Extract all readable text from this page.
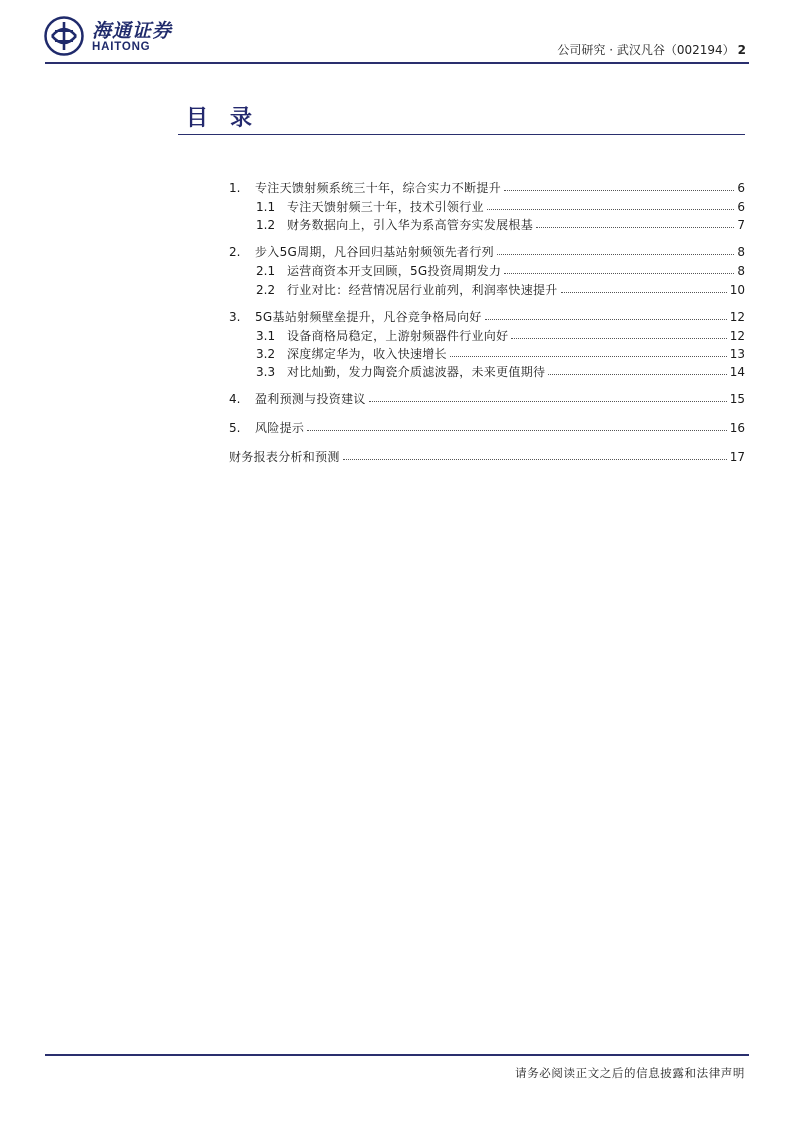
海通证券
HAITONG	公司研究 · 武汉凡谷（002194） 2
目录
1.	专注天馈射频系统三十年，综合实力不断提升	6
1.1 专注天馈射频三十年，技术引领行业	6
1.2 财务数据向上，引入华为系高管夯实发展根基	7
2.	步入5G周期，凡谷回归基站射频领先者行列	8
2.1 运营商资本开支回顾，5G投资周期发力	8
2.2 行业对比：经营情况居行业前列，利润率快速提升	10
3.	5G基站射频壁垒提升，凡谷竞争格局向好	12
3.1 设备商格局稳定，上游射频器件行业向好	12
3.2 深度绑定华为，收入快速增长	13
3.3 对比灿勤，发力陶瓷介质滤波器，未来更值期待	14
4.	盈利预测与投资建议	15
5.	风险提示	16
财务报表分析和预测	17
请务必阅读正文之后的信息披露和法律声明
